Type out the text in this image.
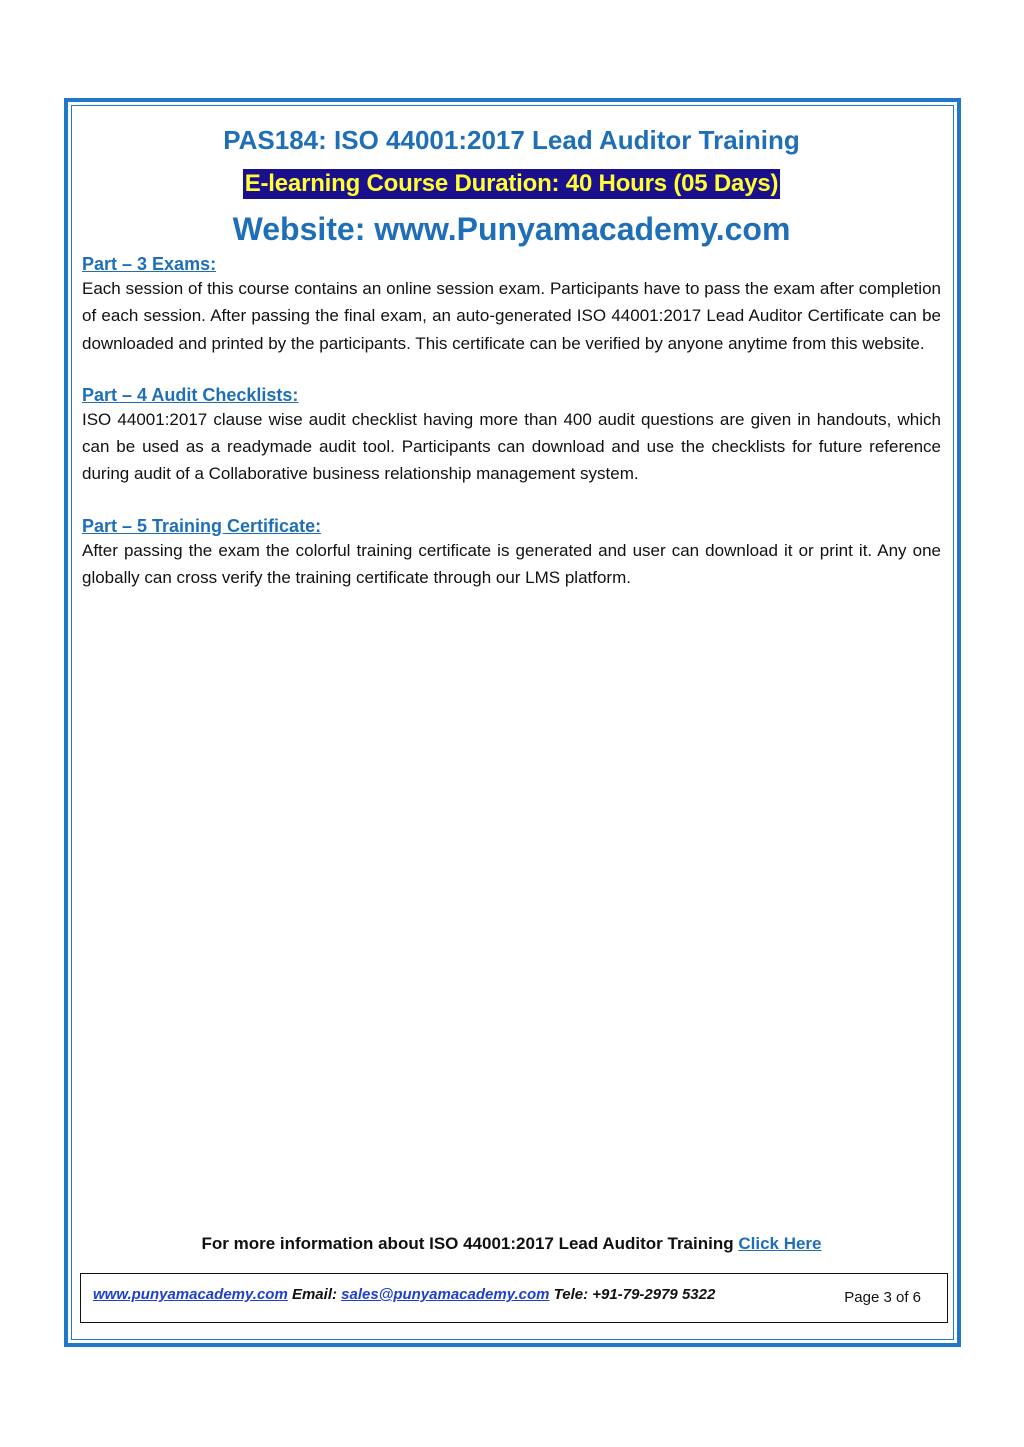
PAS184: ISO 44001:2017 Lead Auditor Training
E-learning Course Duration: 40 Hours (05 Days)
Website: www.Punyamacademy.com
Part – 3 Exams:

Each session of this course contains an online session exam. Participants have to pass the exam after completion of each session. After passing the final exam, an auto-generated ISO 44001:2017 Lead Auditor Certificate can be downloaded and printed by the participants. This certificate can be verified by anyone anytime from this website.

Part – 4 Audit Checklists:

ISO 44001:2017 clause wise audit checklist having more than 400 audit questions are given in handouts, which can be used as a readymade audit tool. Participants can download and use the checklists for future reference during audit of a Collaborative business relationship management system.

Part – 5 Training Certificate:

After passing the exam the colorful training certificate is generated and user can download it or print it. Any one globally can cross verify the training certificate through our LMS platform.

For more information about ISO 44001:2017 Lead Auditor Training Click Here
www.punyamacademy.com Email: sales@punyamacademy.com Tele: +91-79-2979 5322	Page 3 of 6
